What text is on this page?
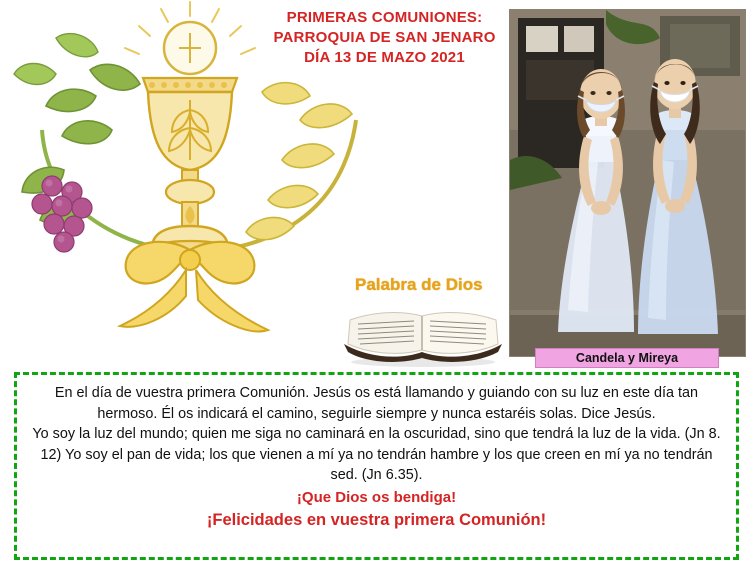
PRIMERAS COMUNIONES:
PARROQUIA DE SAN JENARO
DÍA 13 DE MAZO 2021
Candela y Mireya
Palabra de Dios
En el día de vuestra primera Comunión. Jesús os está llamando y guiando con su luz en este día tan hermoso. Él os indicará el camino, seguirle siempre y nunca estaréis solas. Dice Jesús.
Yo soy la luz del mundo; quien me siga no caminará en la oscuridad, sino que tendrá la luz de la vida. (Jn 8. 12) Yo soy el pan de vida; los que vienen a mí ya no tendrán hambre y los que creen en mí ya no tendrán sed. (Jn 6.35).
¡Que Dios os bendiga!
¡Felicidades en vuestra primera Comunión!
